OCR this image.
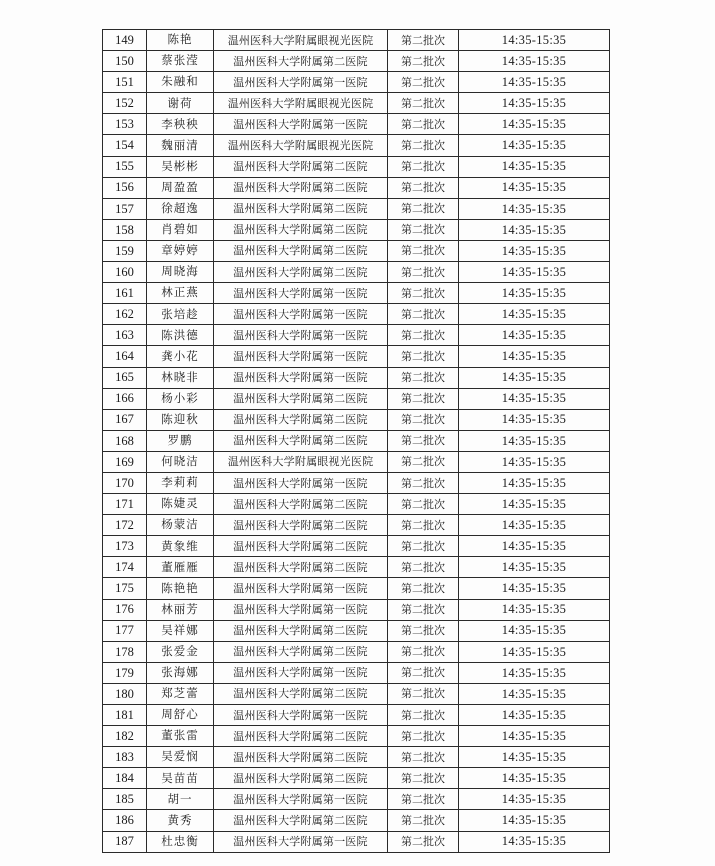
149	陈艳	温州医科大学附属眼视光医院	第二批次	14:35-15:35
150	蔡张滢	温州医科大学附属第二医院	第二批次	14:35-15:35
151	朱融和	温州医科大学附属第一医院	第二批次	14:35-15:35
152	谢荷	温州医科大学附属眼视光医院	第二批次	14:35-15:35
153	李秧秧	温州医科大学附属第一医院	第二批次	14:35-15:35
154	魏丽清	温州医科大学附属眼视光医院	第二批次	14:35-15:35
155	吴彬彬	温州医科大学附属第二医院	第二批次	14:35-15:35
156	周盈盈	温州医科大学附属第二医院	第二批次	14:35-15:35
157	徐超逸	温州医科大学附属第二医院	第二批次	14:35-15:35
158	肖碧如	温州医科大学附属第二医院	第二批次	14:35-15:35
159	章婷婷	温州医科大学附属第二医院	第二批次	14:35-15:35
160	周晓海	温州医科大学附属第二医院	第二批次	14:35-15:35
161	林正燕	温州医科大学附属第一医院	第二批次	14:35-15:35
162	张培趁	温州医科大学附属第一医院	第二批次	14:35-15:35
163	陈洪德	温州医科大学附属第一医院	第二批次	14:35-15:35
164	龚小花	温州医科大学附属第一医院	第二批次	14:35-15:35
165	林晓非	温州医科大学附属第一医院	第二批次	14:35-15:35
166	杨小彩	温州医科大学附属第二医院	第二批次	14:35-15:35
167	陈迎秋	温州医科大学附属第二医院	第二批次	14:35-15:35
168	罗鹏	温州医科大学附属第二医院	第二批次	14:35-15:35
169	何晓洁	温州医科大学附属眼视光医院	第二批次	14:35-15:35
170	李莉莉	温州医科大学附属第一医院	第二批次	14:35-15:35
171	陈婕灵	温州医科大学附属第二医院	第二批次	14:35-15:35
172	杨蒙洁	温州医科大学附属第二医院	第二批次	14:35-15:35
173	黄象维	温州医科大学附属第二医院	第二批次	14:35-15:35
174	董雁雁	温州医科大学附属第二医院	第二批次	14:35-15:35
175	陈艳艳	温州医科大学附属第一医院	第二批次	14:35-15:35
176	林丽芳	温州医科大学附属第一医院	第二批次	14:35-15:35
177	吴祥娜	温州医科大学附属第二医院	第二批次	14:35-15:35
178	张爱金	温州医科大学附属第二医院	第二批次	14:35-15:35
179	张海娜	温州医科大学附属第一医院	第二批次	14:35-15:35
180	郑芝蕾	温州医科大学附属第二医院	第二批次	14:35-15:35
181	周舒心	温州医科大学附属第一医院	第二批次	14:35-15:35
182	董张雷	温州医科大学附属第二医院	第二批次	14:35-15:35
183	吴爱悯	温州医科大学附属第二医院	第二批次	14:35-15:35
184	吴苗苗	温州医科大学附属第二医院	第二批次	14:35-15:35
185	胡一	温州医科大学附属第一医院	第二批次	14:35-15:35
186	黄秀	温州医科大学附属第二医院	第二批次	14:35-15:35
187	杜忠衡	温州医科大学附属第一医院	第二批次	14:35-15:35
